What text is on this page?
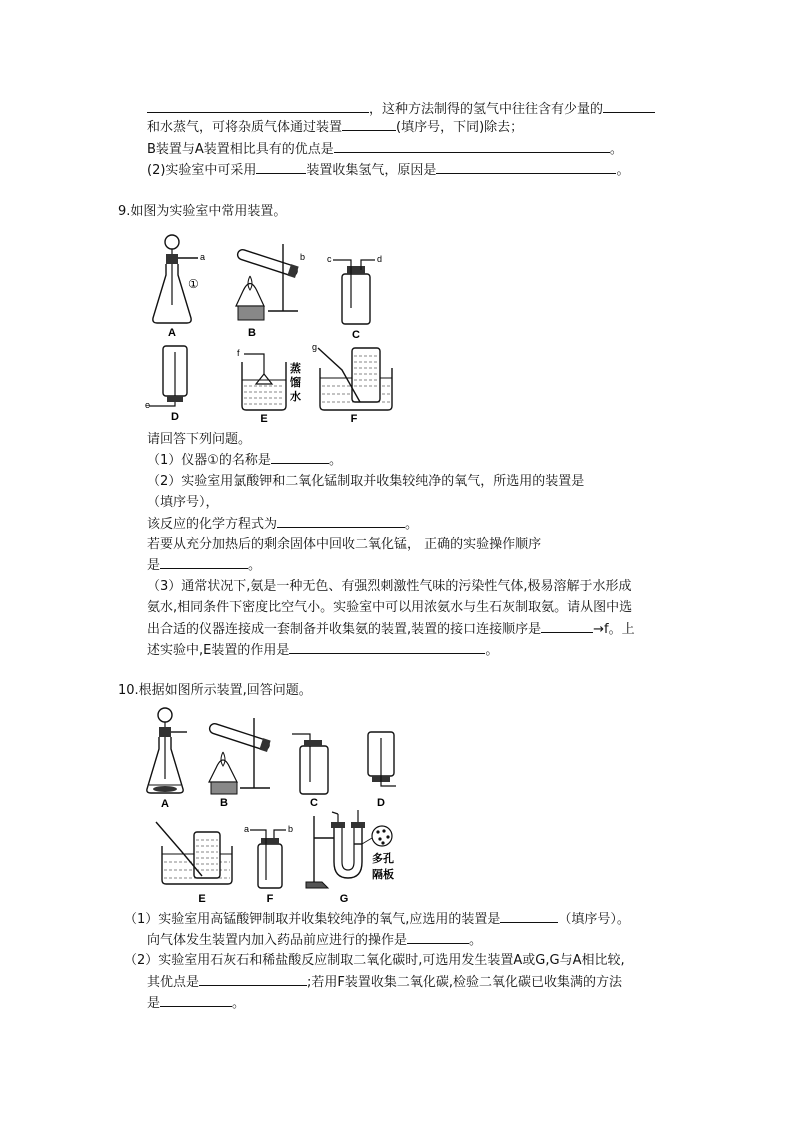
，这种方法制得的氢气中往往含有少量的
和水蒸气，可将杂质气体通过装置	(填序号，下同)除去；
B装置与A装置相比具有的优点是	。
(2)实验室中可采用	装置收集氢气，原因是	。
9.如图为实验室中常用装置。
a
①
A
b
B
c	d
C
e
D
f
蒸
馏
水
E
g
F
请回答下列问题。
（1）仪器①的名称是	。
（2）实验室用氯酸钾和二氧化锰制取并收集较纯净的氧气，所选用的装置是
（填序号），
该反应的化学方程式为	。
若要从充分加热后的剩余固体中回收二氧化锰， 正确的实验操作顺序
是	。
（3）通常状况下,氨是一种无色、有强烈刺激性气味的污染性气体,极易溶解于水形成
氨水,相同条件下密度比空气小。实验室中可以用浓氨水与生石灰制取氨。请从图中选
出合适的仪器连接成一套制备并收集氨的装置,装置的接口连接顺序是	→f。上
述实验中,E装置的作用是	。
10.根据如图所示装置,回答问题。
A	B	C	D
E
a	b
F
多孔
隔板
G
（1）实验室用高锰酸钾制取并收集较纯净的氧气,应选用的装置是	（填序号）。
向气体发生装置内加入药品前应进行的操作是	。
（2）实验室用石灰石和稀盐酸反应制取二氧化碳时,可选用发生装置A或G,G与A相比较,
其优点是	;若用F装置收集二氧化碳,检验二氧化碳已收集满的方法
是	。
